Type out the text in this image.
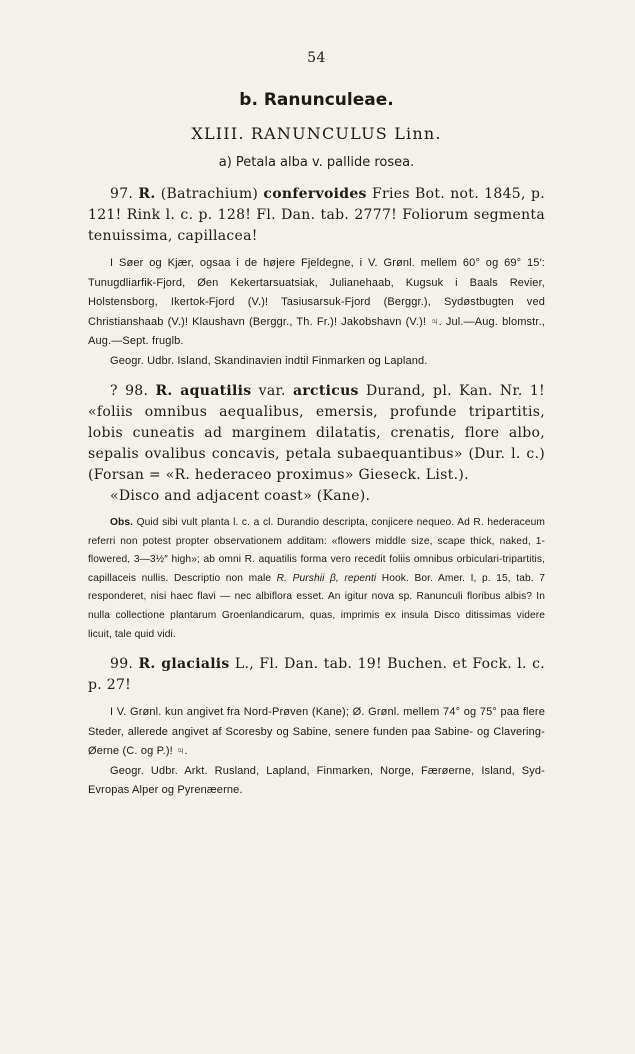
54
b. Ranunculeae.
XLIII. RANUNCULUS Linn.
a) Petala alba v. pallide rosea.

97. R. (Batrachium) confervoides Fries Bot. not. 1845, p. 121! Rink l. c. p. 128! Fl. Dan. tab. 2777! Foliorum segmenta tenuissima, capillacea!

I Søer og Kjær, ogsaa i de højere Fjeldegne, i V. Grønl. mellem 60° og 69° 15′: Tunugdliarfik-Fjord, Øen Kekertarsuatsiak, Julianehaab, Kugsuk i Baals Revier, Holstensborg, Ikertok-Fjord (V.)! Tasiusarsuk-Fjord (Berggr.), Sydøstbugten ved Christianshaab (V.)! Klaushavn (Berggr., Th. Fr.)! Jakobshavn (V.)! ♃. Jul.—Aug. blomstr., Aug.—Sept. fruglb.

Geogr. Udbr. Island, Skandinavien indtil Finmarken og Lapland.

? 98. R. aquatilis var. arcticus Durand, pl. Kan. Nr. 1! «foliis omnibus aequalibus, emersis, profunde tripartitis, lobis cuneatis ad marginem dilatatis, crenatis, flore albo, sepalis ovalibus concavis, petala subaequantibus» (Dur. l. c.) (Forsan = «R. hederaceo proximus» Gieseck. List.).

«Disco and adjacent coast» (Kane).

Obs. Quid sibi vult planta l. c. a cl. Durandio descripta, conjicere nequeo. Ad R. hederaceum referri non potest propter observationem additam: «flowers middle size, scape thick, naked, 1-flowered, 3—3½″ high»; ab omni R. aquatilis forma vero recedit foliis omnibus orbiculari-tripartitis, capillaceis nullis. Descriptio non male R. Purshii β, repenti Hook. Bor. Amer. I, p. 15, tab. 7 responderet, nisi haec flavi — nec albiflora esset. An igitur nova sp. Ranunculi floribus albis? In nulla collectione plantarum Groenlandicarum, quas, imprimis ex insula Disco ditissimas videre licuit, tale quid vidi.

99. R. glacialis L., Fl. Dan. tab. 19! Buchen. et Fock. l. c. p. 27!

I V. Grønl. kun angivet fra Nord-Prøven (Kane); Ø. Grønl. mellem 74° og 75° paa flere Steder, allerede angivet af Scoresby og Sabine, senere funden paa Sabine- og Clavering-Øerne (C. og P.)! ♃.

Geogr. Udbr. Arkt. Rusland, Lapland, Finmarken, Norge, Færøerne, Island, Syd-Evropas Alper og Pyrenæerne.
